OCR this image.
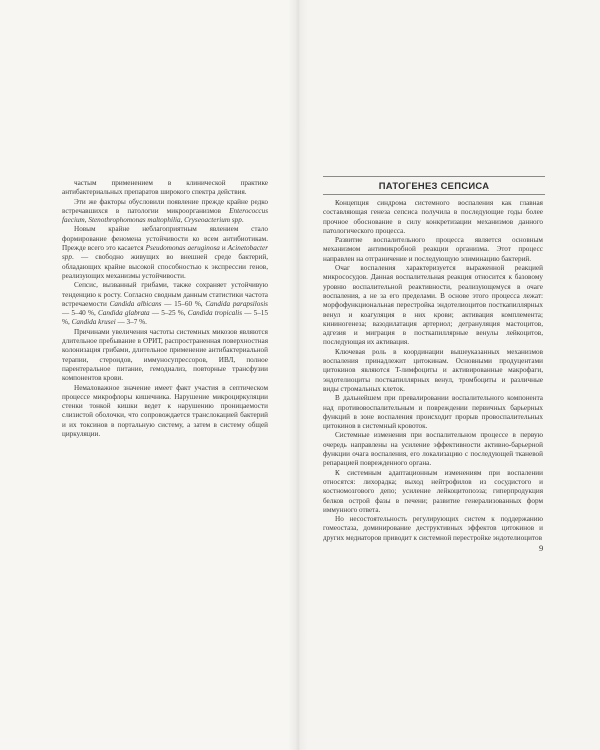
частым применением в клинической практике антибактериальных препаратов широкого спектра действия.

Эти же факторы обусловили появление прежде крайне редко встречавшихся в патологии микроорганизмов Enterococcus faecium, Stenothrophomonas maltophilia, Cryseoacterium spp.

Новым крайне неблагоприятным явлением стало формирование феномена устойчивости ко всем антибиотикам. Прежде всего это касается Pseudomonas aeruginosa и Acinetobacter spp. — свободно живущих во внешней среде бактерий, обладающих крайне высокой способностью к экспрессии генов, реализующих механизмы устойчивости.

Сепсис, вызванный грибами, также сохраняет устойчивую тенденцию к росту. Согласно сводным данным статистики частота встречаемости Candida albicans — 15–60 %, Candida parapsilosis — 5–40 %, Candida glabrata — 5–25 %, Candida tropicalis — 5–15 %, Candida krusei — 3–7 %.

Причинами увеличения частоты системных микозов являются длительное пребывание в ОРИТ, распространенная поверхностная колонизация грибами, длительное применение антибактериальной терапии, стероидов, иммуносупрессоров, ИВЛ, полное парентеральное питание, гемодиализ, повторные трансфузии компонентов крови.

Немаловажное значение имеет факт участия в септическом процессе микрофлоры кишечника. Нарушение микроциркуляции стенки тонкой кишки ведет к нарушению проницаемости слизистой оболочки, что сопровождается транслокацией бактерий и их токсинов в портальную систему, а затем в систему общей циркуляции.

ПАТОГЕНЕЗ СЕПСИСА

Концепция синдрома системного воспаления как главная составляющая генеза сепсиса получила в последующие годы более прочное обоснование в силу конкретизации механизмов данного патологического процесса.

Развитие воспалительного процесса является основным механизмом антимикробной реакции организма. Этот процесс направлен на отграничение и последующую элиминацию бактерий.

Очаг воспаления характеризуется выраженной реакцией микрососудов. Данная воспалительная реакция относится к базовому уровню воспалительной реактивности, реализующемуся в очаге воспаления, а не за его пределами. В основе этого процесса лежат: морфофункциональная перестройка эндотелиоцитов посткапиллярных венул и коагуляция в них крови; активация комплемента; кининогенеза; вазодилатация артериол; дегрануляция мастоцитов, адгезия и миграция в посткапиллярные венулы лейкоцитов, последующая их активация.

Ключевая роль в координации вышеуказанных механизмов воспаления принадлежит цитокинам. Основными продуцентами цитокинов являются T-лимфоциты и активированные макрофаги, эндотелиоциты посткапиллярных венул, тромбоциты и различные виды стромальных клеток.

В дальнейшем при превалировании воспалительного компонента над противовоспалительным и повреждении первичных барьерных функций в зоне воспаления происходит прорыв провоспалительных цитокинов в системный кровоток.

Системные изменения при воспалительном процессе в первую очередь направлены на усиление эффективности активно-барьерной функции очага воспаления, его локализацию с последующей тканевой репарацией поврежденного органа.

К системным адаптационным изменениям при воспалении относятся: лихорадка; выход нейтрофилов из сосудистого и костномозгового депо; усиление лейкоцитопоэза; гиперпродукция белков острой фазы в печени; развитие генерализованных форм иммунного ответа.

Но несостоятельность регулирующих систем к поддержанию гомеостаза, доминирование деструктивных эффектов цитокинов и других медиаторов приводит к системной перестройке эндотелиоцитов

9
